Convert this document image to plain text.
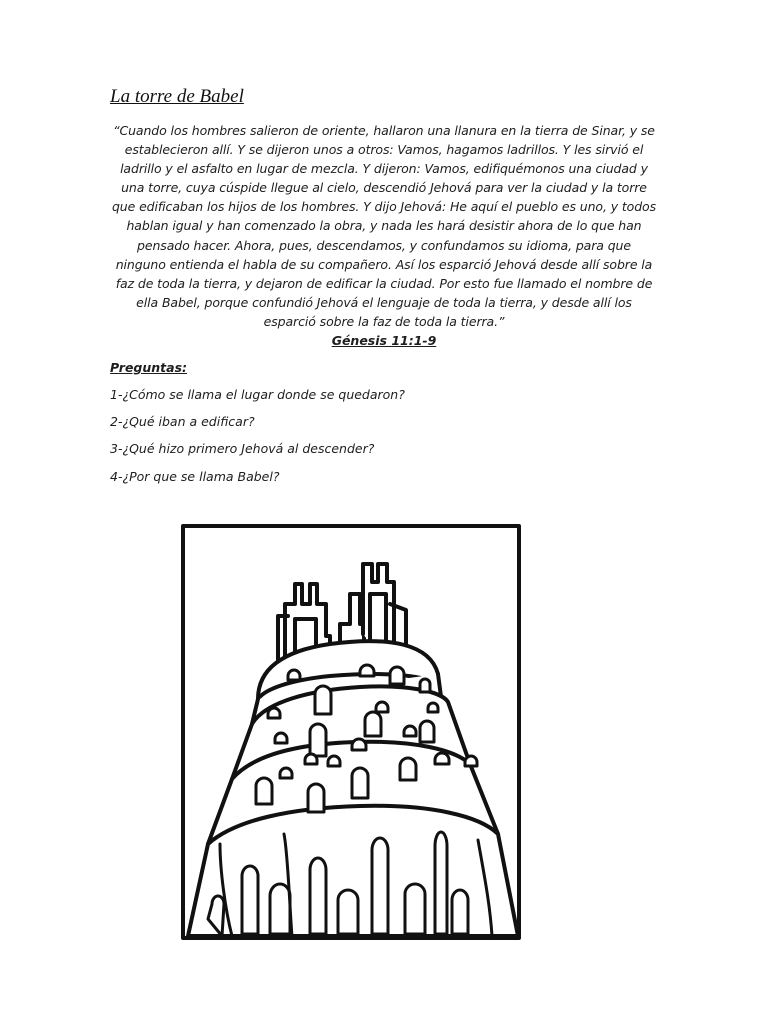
La torre de Babel
“Cuando los hombres salieron de oriente, hallaron una llanura en la tierra de Sinar, y se
establecieron allí. Y se dijeron unos a otros: Vamos, hagamos ladrillos. Y les sirvió el
ladrillo y el asfalto en lugar de mezcla. Y dijeron: Vamos, edifiquémonos una ciudad y
una torre, cuya cúspide llegue al cielo, descendió Jehová para ver la ciudad y la torre
que edificaban los hijos de los hombres. Y dijo Jehová: He aquí el pueblo es uno, y todos
hablan igual y han comenzado la obra, y nada les hará desistir ahora de lo que han
pensado hacer. Ahora, pues, descendamos, y confundamos su idioma, para que
ninguno entienda el habla de su compañero. Así los esparció Jehová desde allí sobre la
faz de toda la tierra, y dejaron de edificar la ciudad. Por esto fue llamado el nombre de
ella Babel, porque confundió Jehová el lenguaje de toda la tierra, y desde allí los
esparció sobre la faz de toda la tierra.”
Génesis 11:1-9
Preguntas:
1-¿Cómo se llama el lugar donde se quedaron?
2-¿Qué iban a edificar?
3-¿Qué hizo primero Jehová al descender?
4-¿Por que se llama Babel?
